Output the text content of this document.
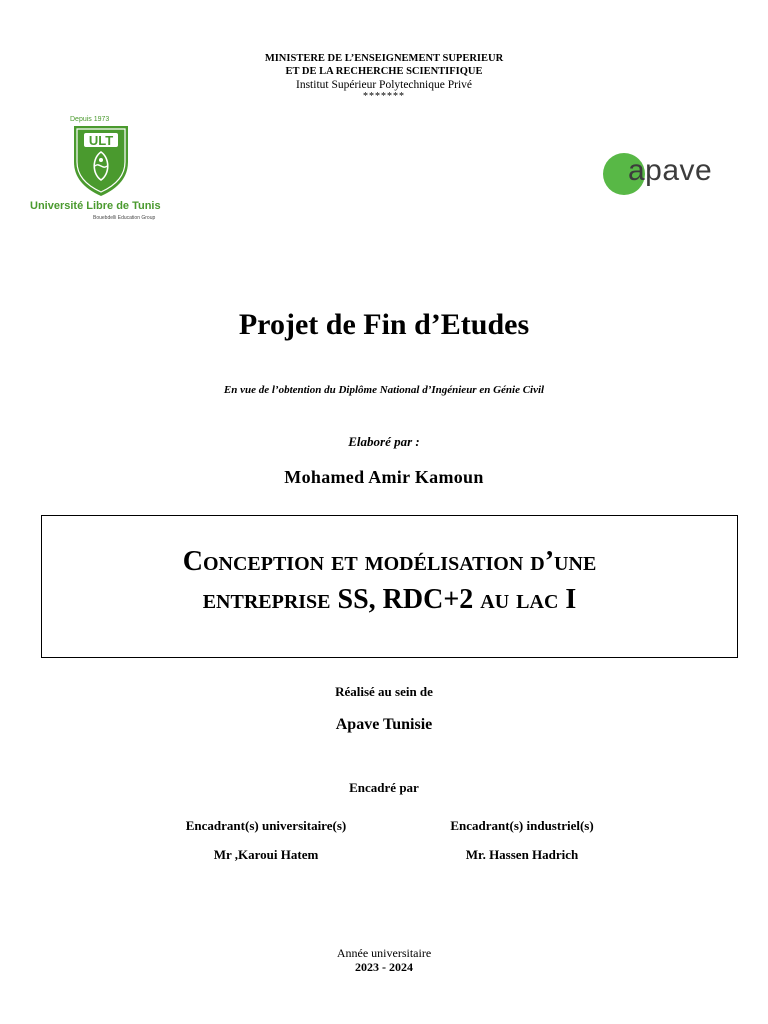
MINISTERE DE L’ENSEIGNEMENT SUPERIEUR
ET DE LA RECHERCHE SCIENTIFIQUE
Institut Supérieur Polytechnique Privé
*******
Depuis 1973
ULT
Université Libre de Tunis
Bouebdelli Education Group
apave
Projet de Fin d’Etudes
En vue de l’obtention du Diplôme National d’Ingénieur en Génie Civil
Elaboré par :
Mohamed Amir Kamoun
Conception et modélisation d’une
entreprise SS, RDC+2 au lac I
Réalisé au sein de
Apave Tunisie
Encadré par
Encadrant(s) universitaire(s)
Mr ,Karoui Hatem
Encadrant(s) industriel(s)
Mr. Hassen Hadrich
Année universitaire
2023 - 2024
